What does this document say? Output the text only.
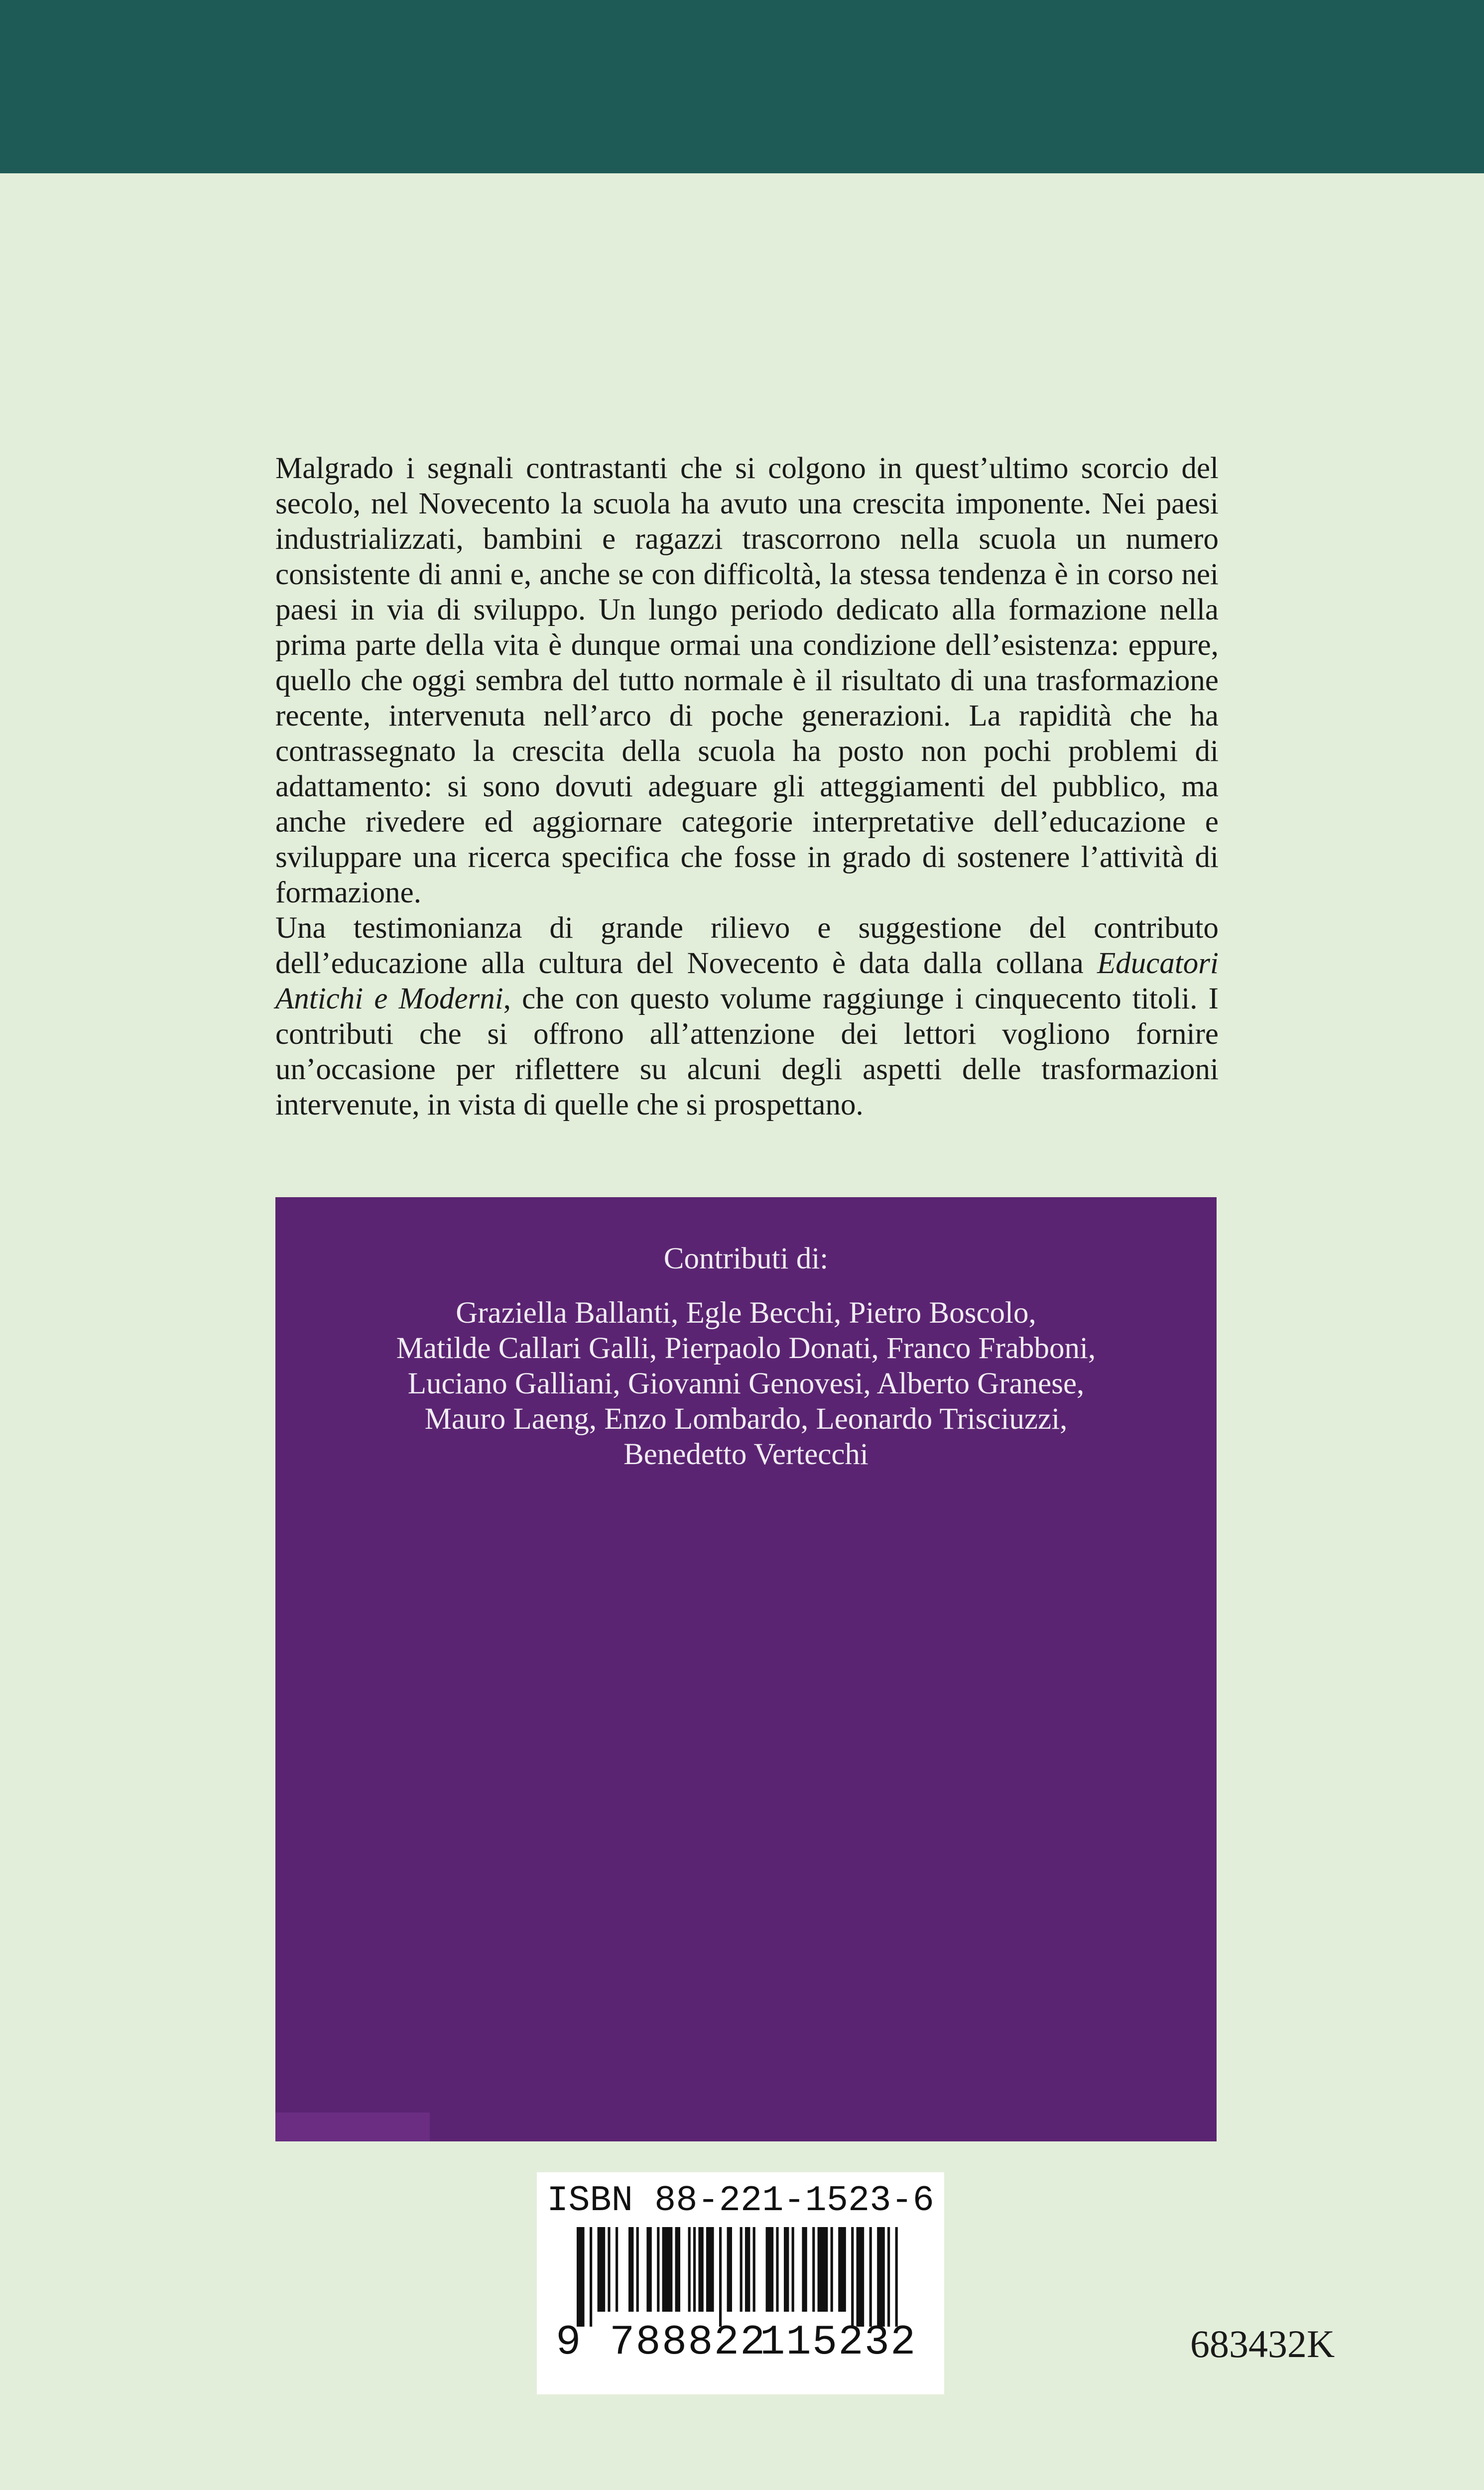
Malgrado i segnali contrastanti che si colgono in quest’ultimo scorcio del secolo, nel Novecento la scuola ha avuto una crescita imponente. Nei paesi industrializzati, bambini e ragazzi trascorrono nella scuola un numero consistente di anni e, anche se con difficoltà, la stessa tendenza è in corso nei paesi in via di sviluppo. Un lungo periodo dedicato alla formazione nella prima parte della vita è dunque ormai una condizione dell’esistenza: eppure, quello che oggi sembra del tutto normale è il risultato di una trasformazione recente, intervenuta nell’arco di poche generazioni. La rapidità che ha contrassegnato la crescita della scuola ha posto non pochi problemi di adattamento: si sono dovuti adeguare gli atteggiamenti del pubblico, ma anche rivedere ed aggiornare categorie interpretative dell’educazione e sviluppare una ricerca specifica che fosse in grado di sostenere l’attività di formazione.

Una testimonianza di grande rilievo e suggestione del contributo dell’educazione alla cultura del Novecento è data dalla collana Educatori Antichi e Moderni, che con questo volume raggiunge i cinquecento titoli. I contributi che si offrono all’attenzione dei lettori vogliono fornire un’occasione per riflettere su alcuni degli aspetti delle trasformazioni intervenute, in vista di quelle che si prospettano.

Contributi di:
Graziella Ballanti, Egle Becchi, Pietro Boscolo,
Matilde Callari Galli, Pierpaolo Donati, Franco Frabboni,
Luciano Galliani, Giovanni Genovesi, Alberto Granese,
Mauro Laeng, Enzo Lombardo, Leonardo Trisciuzzi,
Benedetto Vertecchi
ISBN 88-221-1523-6

9

788822

115232

	683432K
